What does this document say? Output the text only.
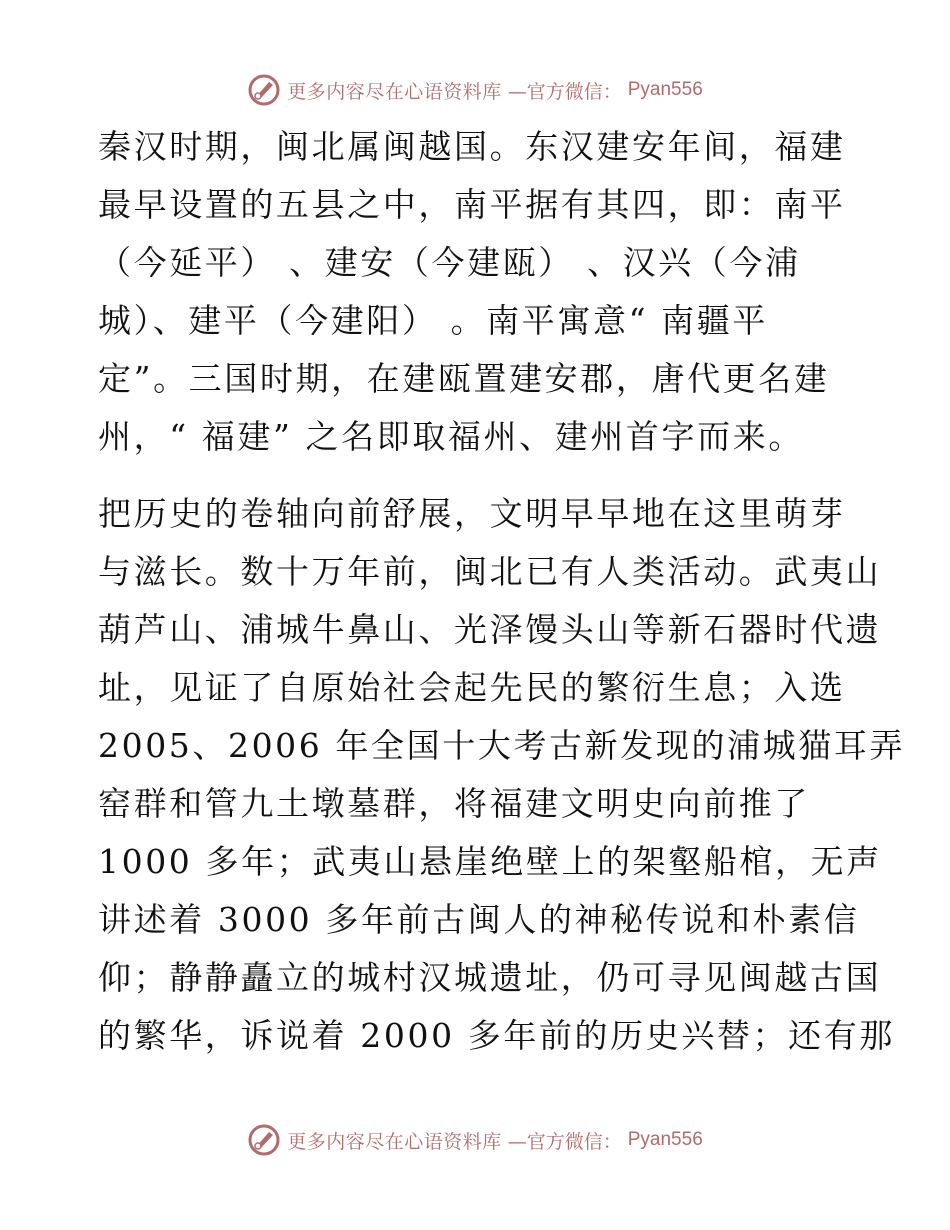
更多内容尽在心语资料库 —官方微信： Pyan556
秦汉时期，闽北属闽越国。东汉建安年间，福建
最早设置的五县之中，南平据有其四，即：南平
（今延平） 、建安（今建瓯） 、汉兴（今浦
城）、建平（今建阳） 。南平寓意“ 南疆平
定”。三国时期，在建瓯置建安郡，唐代更名建
州，“ 福建” 之名即取福州、建州首字而来。
把历史的卷轴向前舒展，文明早早地在这里萌芽
与滋长。数十万年前，闽北已有人类活动。武夷山
葫芦山、浦城牛鼻山、光泽馒头山等新石器时代遗
址，见证了自原始社会起先民的繁衍生息；入选
2005、2006 年全国十大考古新发现的浦城猫耳弄
窑群和管九土墩墓群，将福建文明史向前推了
1000 多年；武夷山悬崖绝壁上的架壑船棺，无声
讲述着 3000 多年前古闽人的神秘传说和朴素信
仰；静静矗立的城村汉城遗址，仍可寻见闽越古国
的繁华，诉说着 2000 多年前的历史兴替；还有那
更多内容尽在心语资料库 —官方微信： Pyan556
